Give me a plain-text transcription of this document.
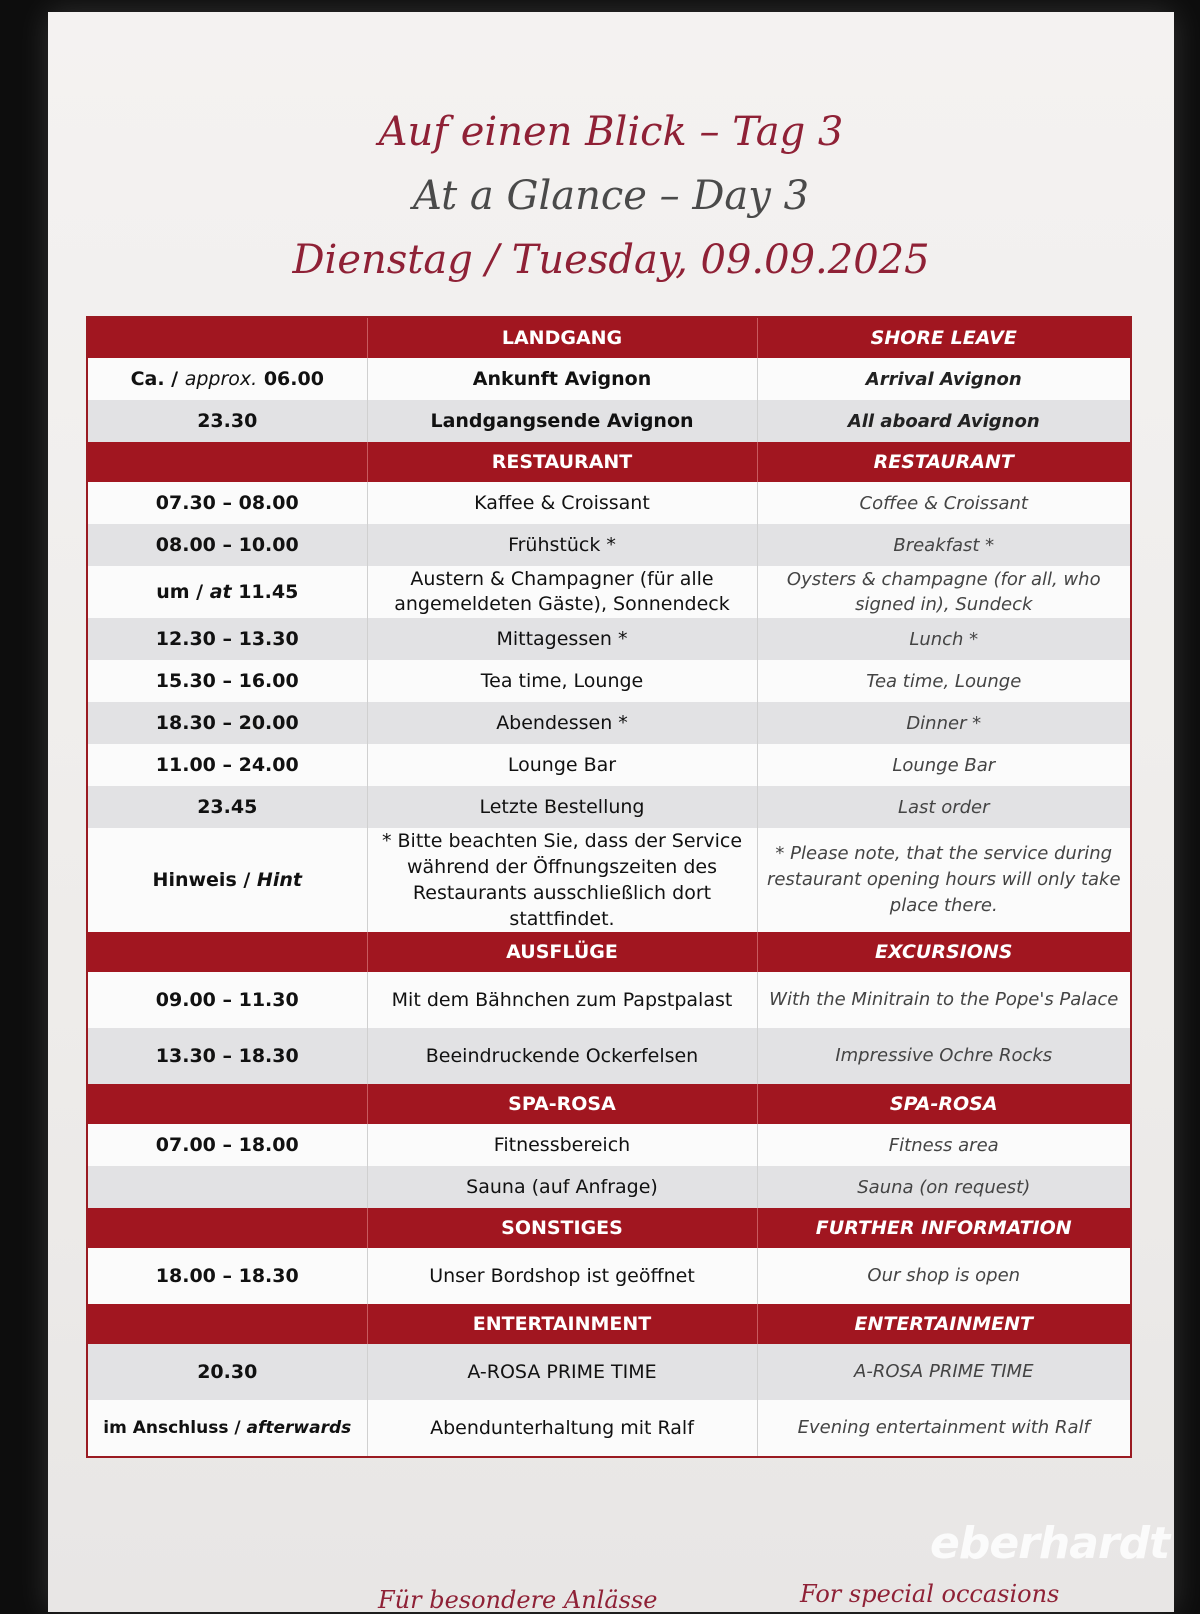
Auf einen Blick – Tag 3
At a Glance – Day 3
Dienstag / Tuesday, 09.09.2025
	LANDGANG	SHORE LEAVE
Ca. / approx. 06.00	Ankunft Avignon	Arrival Avignon
23.30	Landgangsende Avignon	All aboard Avignon
	RESTAURANT	RESTAURANT
07.30 – 08.00	Kaffee & Croissant	Coffee & Croissant
08.00 – 10.00	Frühstück *	Breakfast *
um / at 11.45	Austern & Champagner (für alle angemeldeten Gäste), Sonnendeck	Oysters & champagne (for all, who signed in), Sundeck
12.30 – 13.30	Mittagessen *	Lunch *
15.30 – 16.00	Tea time, Lounge	Tea time, Lounge
18.30 – 20.00	Abendessen *	Dinner *
11.00 – 24.00	Lounge Bar	Lounge Bar
23.45	Letzte Bestellung	Last order
Hinweis / Hint	* Bitte beachten Sie, dass der Service während der Öffnungszeiten des Restaurants ausschließlich dort stattfindet.	* Please note, that the service during restaurant opening hours will only take place there.
	AUSFLÜGE	EXCURSIONS
09.00 – 11.30	Mit dem Bähnchen zum Papstpalast	With the Minitrain to the Pope's Palace
13.30 – 18.30	Beeindruckende Ockerfelsen	Impressive Ochre Rocks
	SPA-ROSA	SPA-ROSA
07.00 – 18.00	Fitnessbereich	Fitness area
	Sauna (auf Anfrage)	Sauna (on request)
	SONSTIGES	FURTHER INFORMATION
18.00 – 18.30	Unser Bordshop ist geöffnet	Our shop is open
	ENTERTAINMENT	ENTERTAINMENT
20.30	A-ROSA PRIME TIME	A-ROSA PRIME TIME
im Anschluss / afterwards	Abendunterhaltung mit Ralf	Evening entertainment with Ralf
Für besondere Anlässe	For special occasions
eberhardt
